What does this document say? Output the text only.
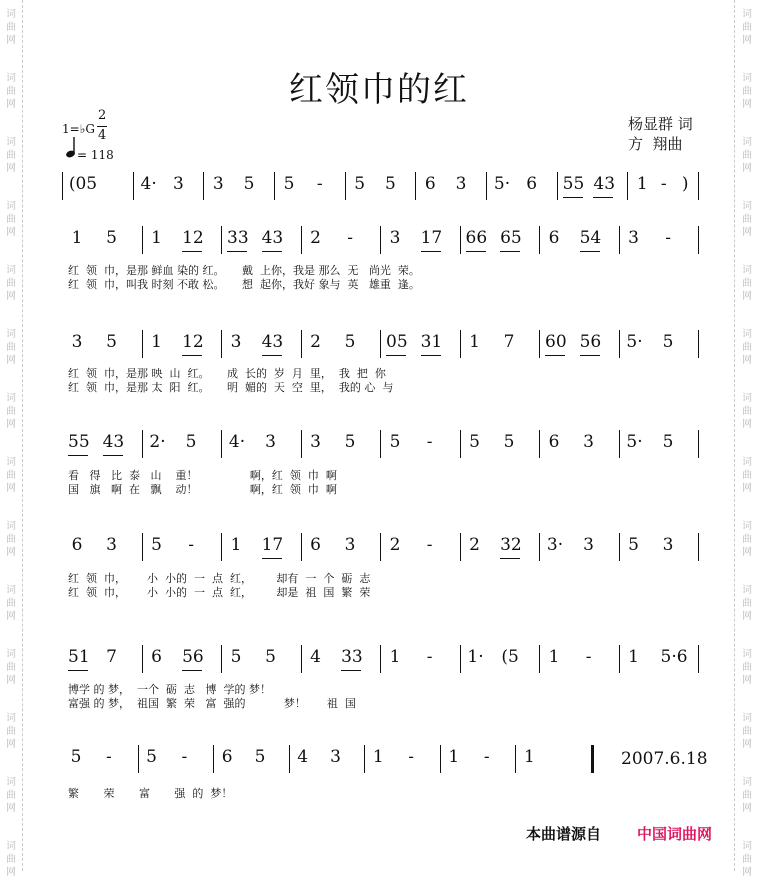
词
曲
网
词
曲
网
词
曲
网
词
曲
网
词
曲
网
词
曲
网
词
曲
网
词
曲
网
词
曲
网
词
曲
网
词
曲
网
词
曲
网
词
曲
网
词
曲
网
词
曲
网
词
曲
网
词
曲
网
词
曲
网
词
曲
网
词
曲
网
词
曲
网
词
曲
网
词
曲
网
词
曲
网
词
曲
网
词
曲
网
词
曲
网
词
曲
网
红领巾的红
1=♭G
2
4
= 118
杨显群 词
方  翔曲
(05	4· 3 3 5 5	-	5 5 6 3 5· 6 55 43 1 - )
1 5 1 12 33 43 2	-	3 17 66 65 6 54 3	-
红  领  巾，是那 鲜血 染的 红。     戴  上你，我是 那么  无   尚光  荣。
红  领  巾，叫我 时刻 不敢 松。     想  起你，我好 象与  英   雄重  逢。
3 5 1 12 3 43 2 5 05 31 1 7 60 56 5· 5
红  领  巾，是那 映  山  红。     成  长的  岁  月  里，  我  把  你
红  领  巾，是那 太  阳  红。     明  媚的  天  空  里，  我的 心  与
55 43 2· 5 4· 3 3 5 5	-	5 5 6 3 5· 5
看   得   比  泰   山    重！               啊，红  领  巾  啊
国   旗   啊  在   飘    动！               啊，红  领  巾  啊
6 3 5	-	1 17 6 3 2	-	2 32 3· 3 5 3
红  领  巾，      小  小的  一  点  红，       却有  一  个  砺  志
红  领  巾，      小  小的  一  点  红，       却是  祖  国  繁  荣
51 7 6 56 5 5 4 33 1	-	1· (5 1	-	1 5·6
博学 的 梦，  一个  砺  志   博  学的 梦！
富强 的 梦，  祖国  繁  荣   富  强的           梦！      祖  国
5	-	5	-	6 5 4 3 1	-	1	-	1
繁       荣       富       强  的  梦！
2007.6.18
本曲谱源自 中国词曲网
